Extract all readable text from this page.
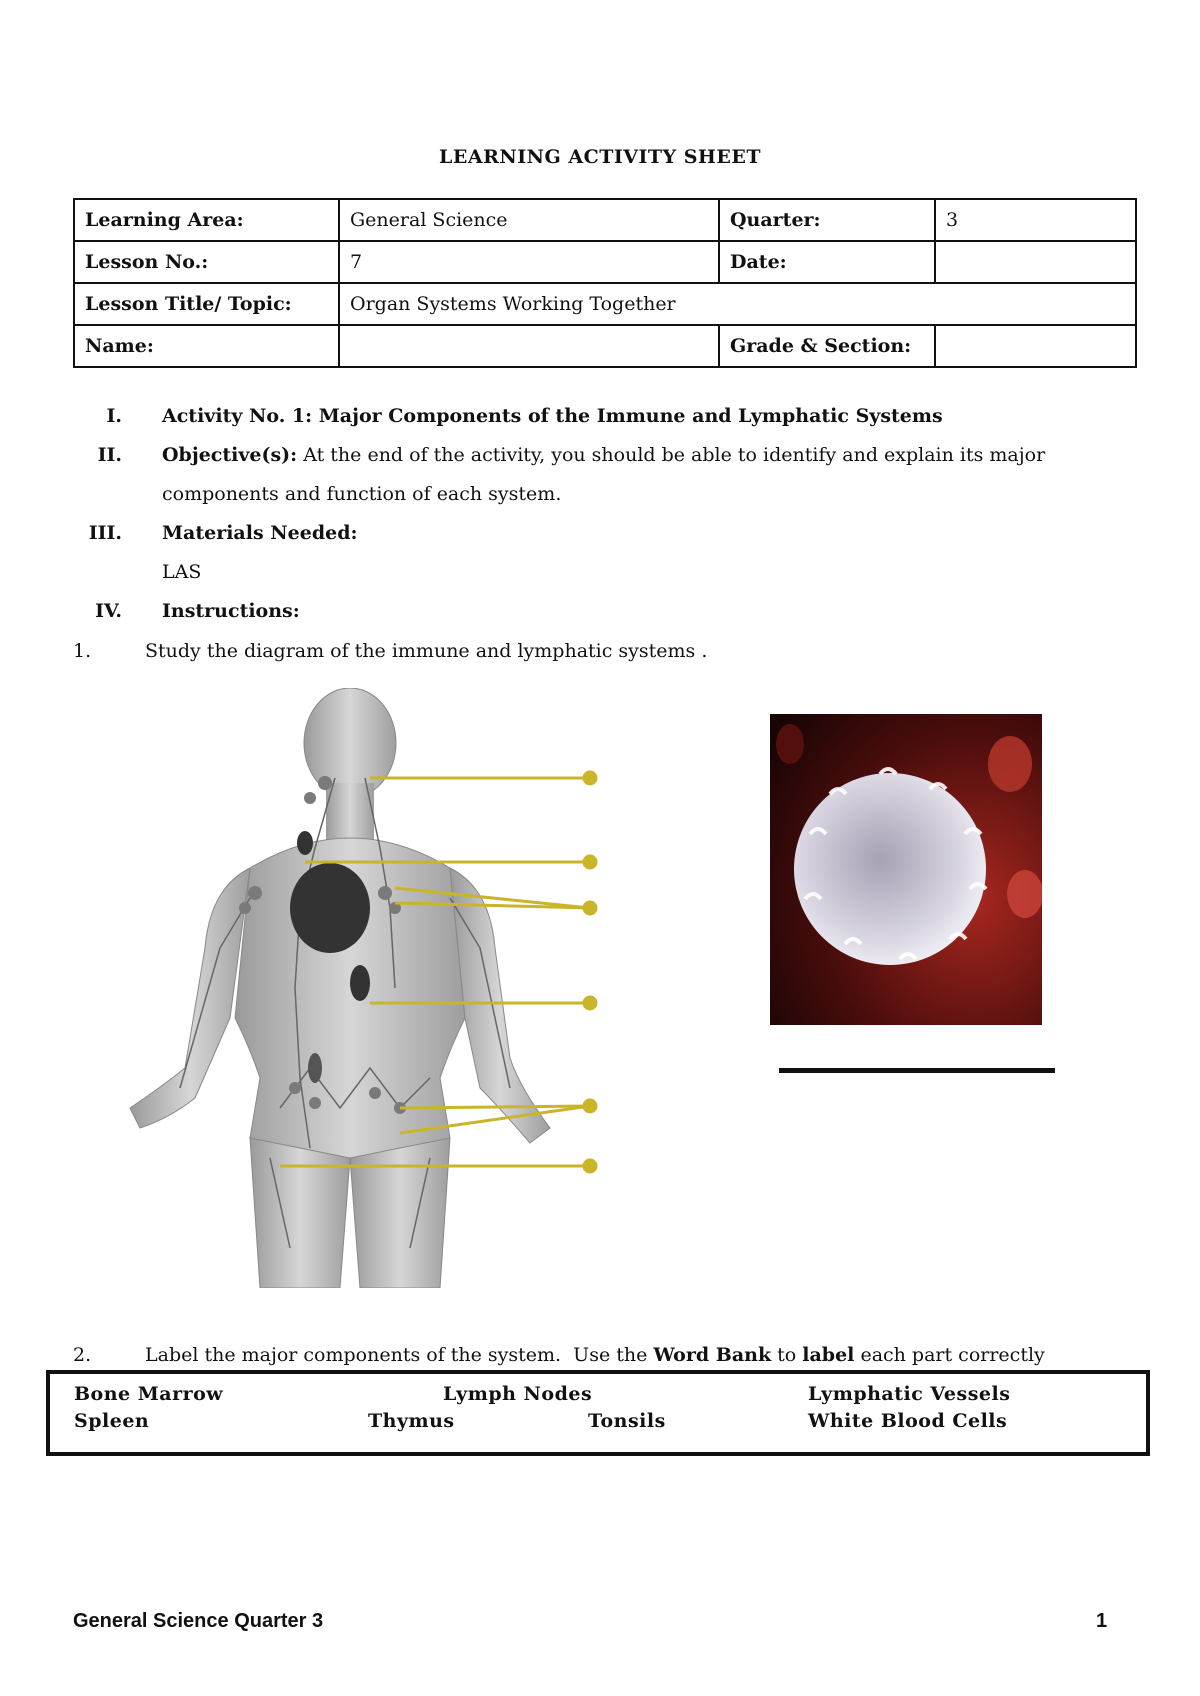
LEARNING ACTIVITY SHEET
Learning Area:	General Science	Quarter:	3
Lesson No.:	7	Date:	
Lesson Title/ Topic:	Organ Systems Working Together		
Name:		Grade & Section:	
I. Activity No. 1: Major Components of the Immune and Lymphatic Systems
II. Objective(s): At the end of the activity, you should be able to identify and explain its major
components and function of each system.
III. Materials Needed:
LAS
IV. Instructions:
1.	Study the diagram of the immune and lymphatic systems .
2.	Label the major components of the system.  Use the Word Bank to label each part correctly
Bone Marrow	Lymph Nodes	Lymphatic Vessels
Spleen	Thymus	Tonsils	White Blood Cells
General Science Quarter 3	1
